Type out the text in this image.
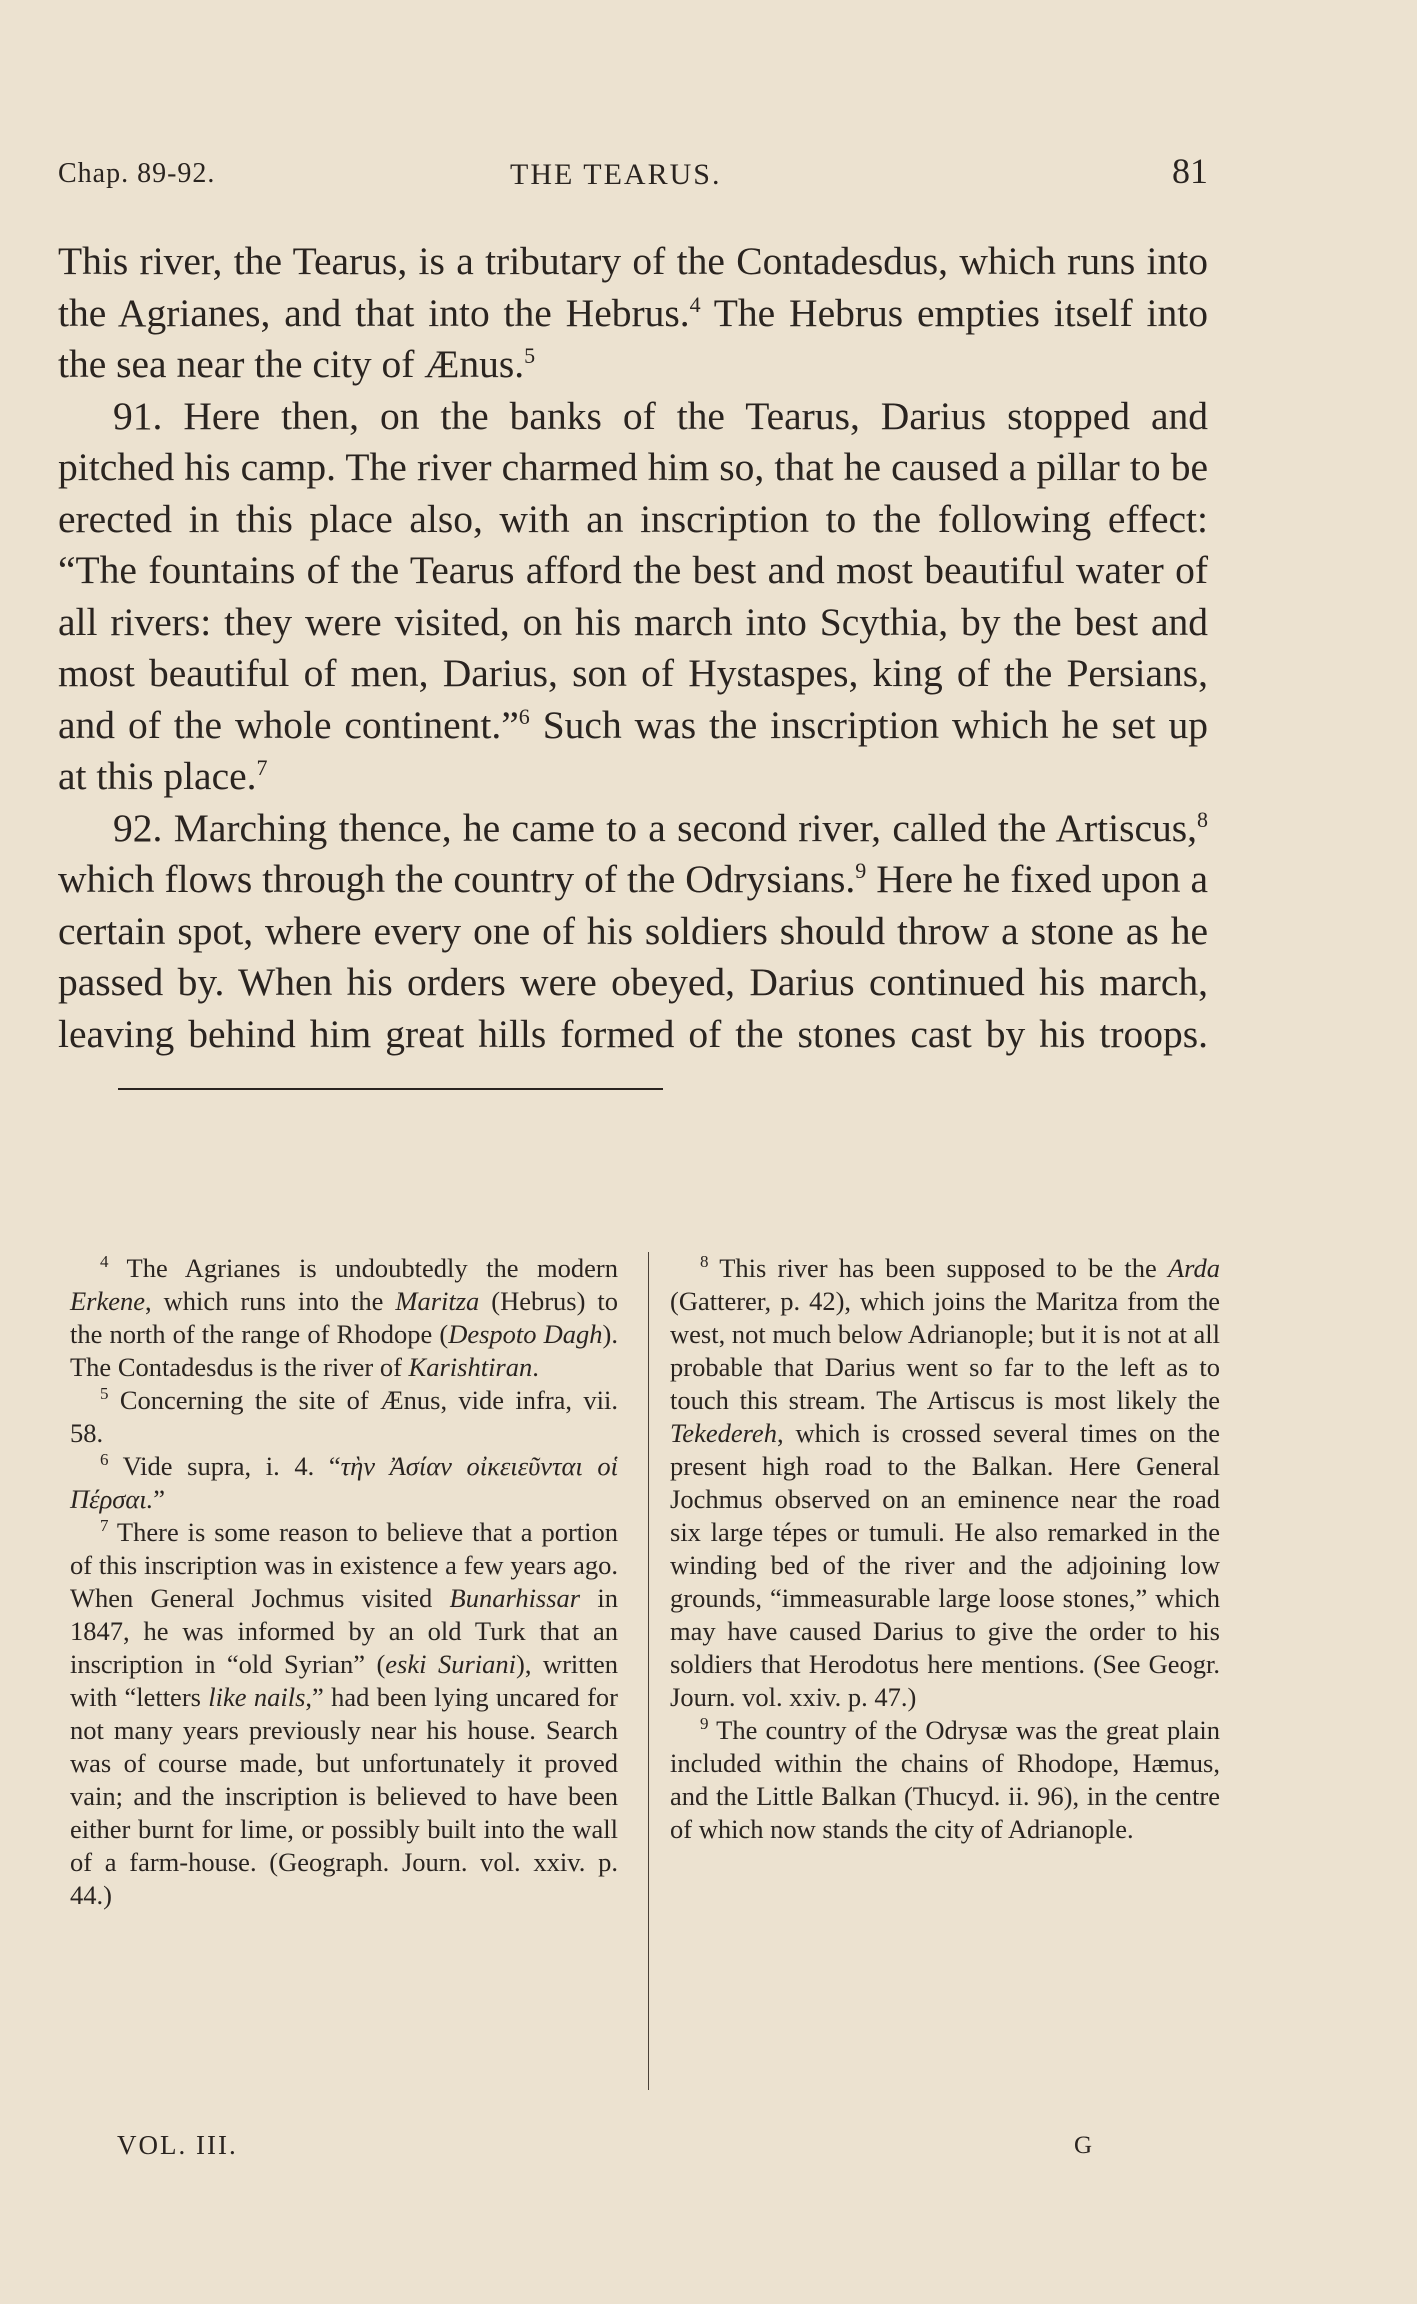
Chap. 89-92.	THE TEARUS.	81

This river, the Tearus, is a tributary of the Contadesdus, which runs into the Agrianes, and that into the Hebrus.$^4$ The Hebrus empties itself into the sea near the city of Ænus.$^5$

91. Here then, on the banks of the Tearus, Darius stopped and pitched his camp. The river charmed him so, that he caused a pillar to be erected in this place also, with an inscription to the following effect: “The fountains of the Tearus afford the best and most beautiful water of all rivers: they were visited, on his march into Scythia, by the best and most beautiful of men, Darius, son of Hystaspes, king of the Persians, and of the whole continent.”$^6$ Such was the inscription which he set up at this place.$^7$

92. Marching thence, he came to a second river, called the Artiscus,$^8$ which flows through the country of the Odrysians.$^9$ Here he fixed upon a certain spot, where every one of his soldiers should throw a stone as he passed by. When his orders were obeyed, Darius continued his march, leaving behind him great hills formed of the stones cast by his troops.

$^4$ The Agrianes is undoubtedly the modern Erkene, which runs into the Maritza (Hebrus) to the north of the range of Rhodope (Despoto Dagh). The Contadesdus is the river of Karishtiran.

$^5$ Concerning the site of Ænus, vide infra, vii. 58.

$^6$ Vide supra, i. 4. “τὴν Ἀσίαν οἰκειεῦνται οἱ Πέρσαι.”

$^7$ There is some reason to believe that a portion of this inscription was in existence a few years ago. When General Jochmus visited Bunarhissar in 1847, he was informed by an old Turk that an inscription in “old Syrian” (eski Suriani), written with “letters like nails,” had been lying uncared for not many years previously near his house. Search was of course made, but unfortunately it proved vain; and the inscription is believed to have been either burnt for lime, or possibly built into the wall of a farm-house. (Geograph. Journ. vol. xxiv. p. 44.)

$^8$ This river has been supposed to be the Arda (Gatterer, p. 42), which joins the Maritza from the west, not much below Adrianople; but it is not at all probable that Darius went so far to the left as to touch this stream. The Artiscus is most likely the Tekedereh, which is crossed several times on the present high road to the Balkan. Here General Jochmus observed on an eminence near the road six large tépes or tumuli. He also remarked in the winding bed of the river and the adjoining low grounds, “immeasurable large loose stones,” which may have caused Darius to give the order to his soldiers that Herodotus here mentions. (See Geogr. Journ. vol. xxiv. p. 47.)

$^9$ The country of the Odrysæ was the great plain included within the chains of Rhodope, Hæmus, and the Little Balkan (Thucyd. ii. 96), in the centre of which now stands the city of Adrianople.

VOL. III.	G
